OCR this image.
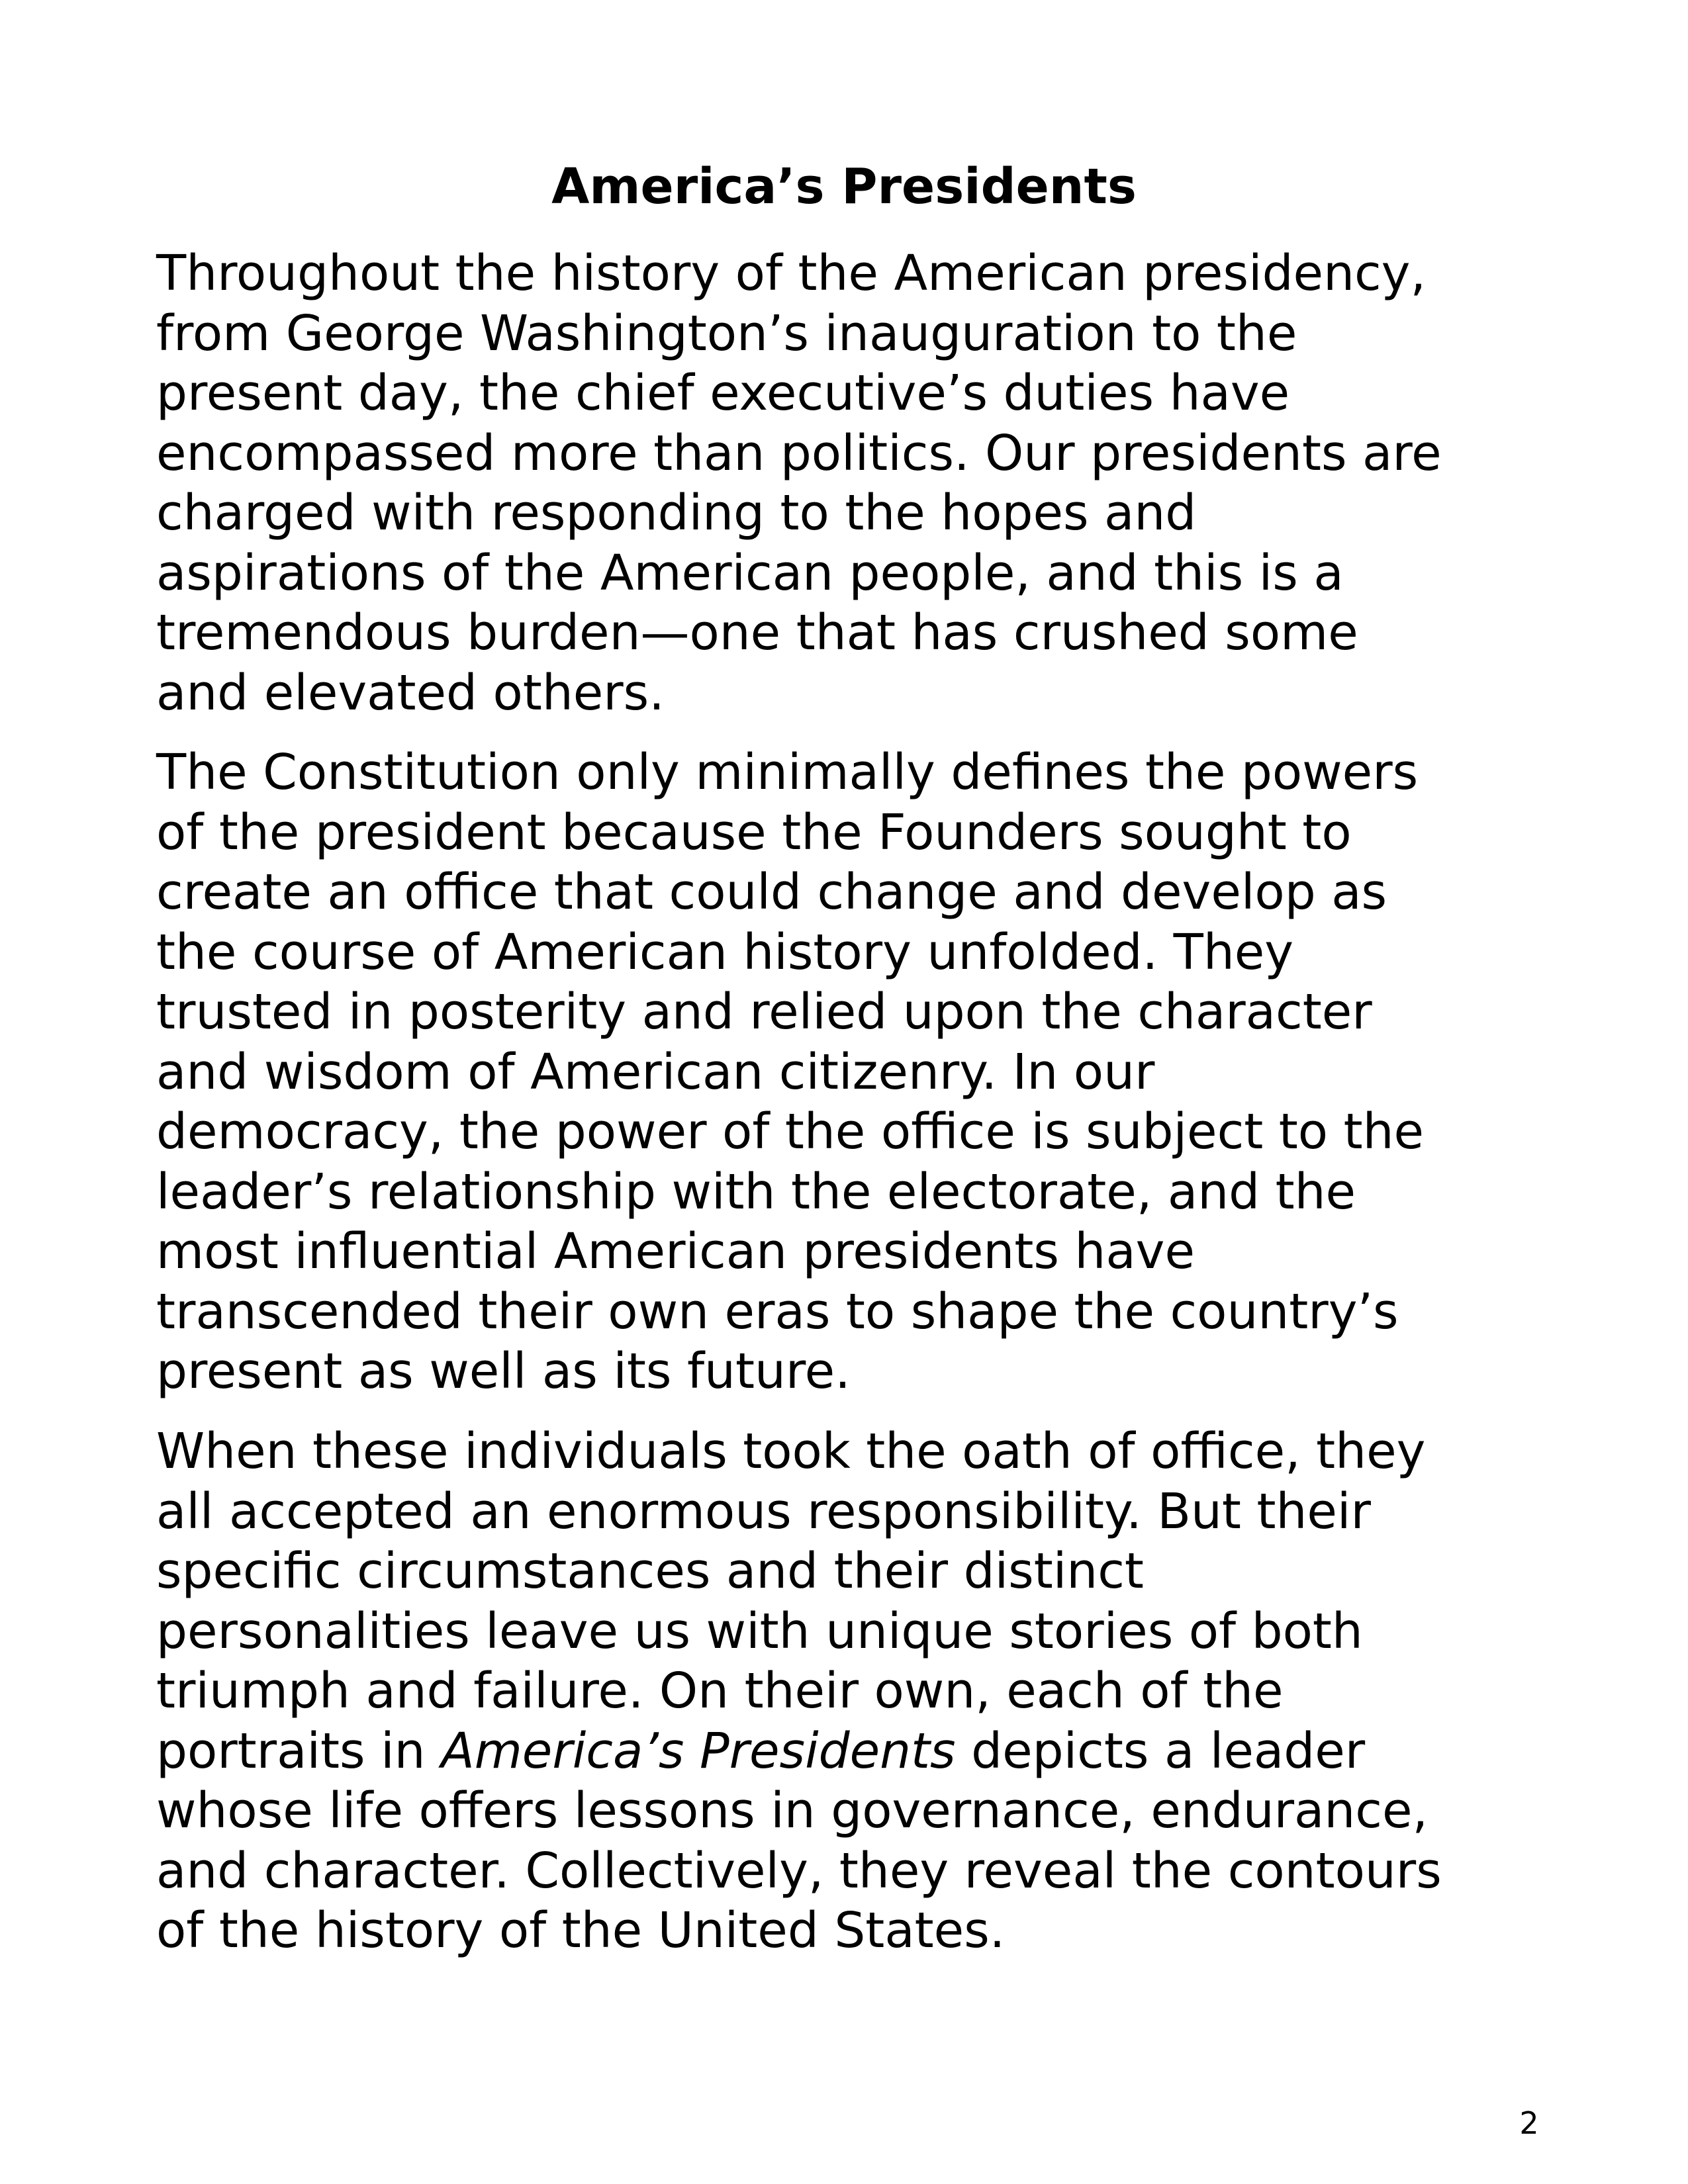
America’s Presidents

Throughout the history of the American presidency,
from George Washington’s inauguration to the
present day, the chief executive’s duties have
encompassed more than politics. Our presidents are
charged with responding to the hopes and
aspirations of the American people, and this is a
tremendous burden—one that has crushed some
and elevated others.

The Constitution only minimally defines the powers
of the president because the Founders sought to
create an office that could change and develop as
the course of American history unfolded. They
trusted in posterity and relied upon the character
and wisdom of American citizenry. In our
democracy, the power of the office is subject to the
leader’s relationship with the electorate, and the
most influential American presidents have
transcended their own eras to shape the country’s
present as well as its future.

When these individuals took the oath of office, they
all accepted an enormous responsibility. But their
specific circumstances and their distinct
personalities leave us with unique stories of both
triumph and failure. On their own, each of the
portraits in America’s Presidents depicts a leader
whose life offers lessons in governance, endurance,
and character. Collectively, they reveal the contours
of the history of the United States.

2
